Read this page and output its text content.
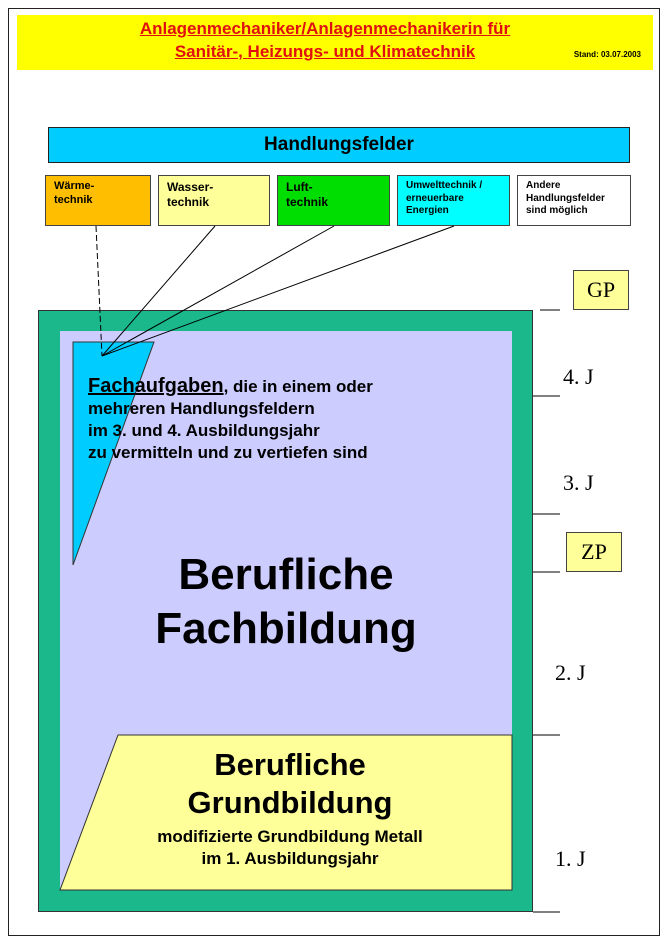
Anlagenmechaniker/Anlagenmechanikerin für
Sanitär-, Heizungs- und Klimatechnik	Stand: 03.07.2003
Handlungsfelder
Wärme-
technik
Wasser-
technik
Luft-
technik
Umwelttechnik /
erneuerbare
Energien
Andere
Handlungsfelder
sind möglich
Fachaufgaben, die in einem oder
mehreren Handlungsfeldern
im 3. und 4. Ausbildungsjahr
zu vermitteln und zu vertiefen sind
Berufliche
Fachbildung
Berufliche
Grundbildung
modifizierte Grundbildung Metall
im 1. Ausbildungsjahr
GP
ZP
4. J
3. J
2. J
1. J
